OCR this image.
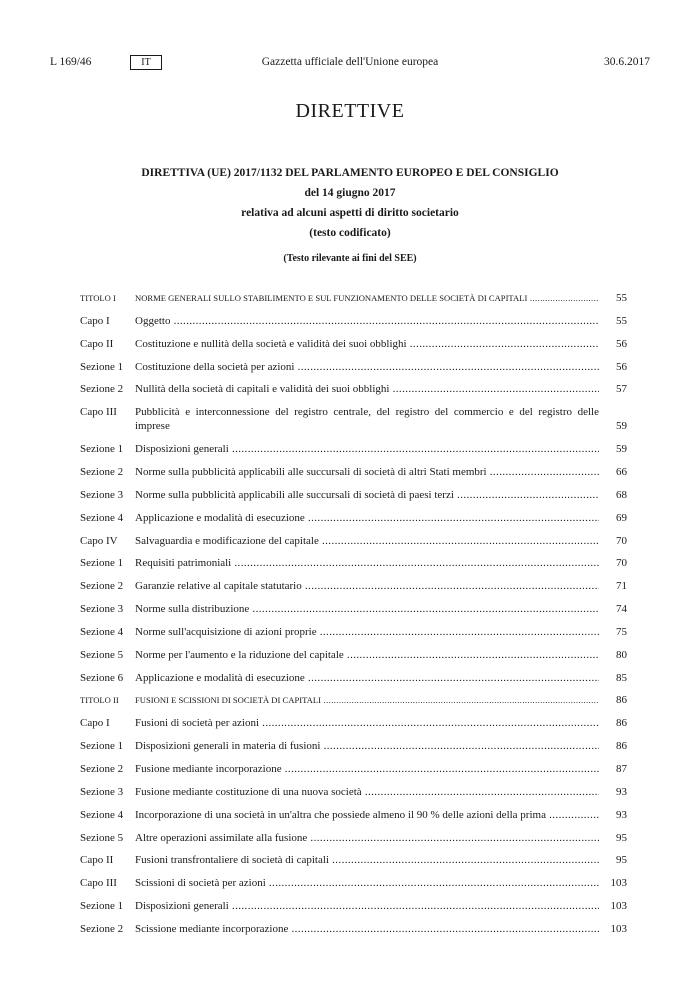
L 169/46	IT	Gazzetta ufficiale dell'Unione europea	30.6.2017
DIRETTIVE
DIRETTIVA (UE) 2017/1132 DEL PARLAMENTO EUROPEO E DEL CONSIGLIO
del 14 giugno 2017
relativa ad alcuni aspetti di diritto societario
(testo codificato)
(Testo rilevante ai fini del SEE)
TITOLO I	NORME GENERALI SULLO STABILIMENTO E SUL FUNZIONAMENTO DELLE SOCIETÀ DI CAPITALI .....	55
Capo I	Oggetto .....	55
Capo II	Costituzione e nullità della società e validità dei suoi obblighi .....	56
Sezione 1	Costituzione della società per azioni .....	56
Sezione 2	Nullità della società di capitali e validità dei suoi obblighi .....	57
Capo III	Pubblicità e interconnessione del registro centrale, del registro del commercio e del registro delle imprese .....	59
Sezione 1	Disposizioni generali .....	59
Sezione 2	Norme sulla pubblicità applicabili alle succursali di società di altri Stati membri .....	66
Sezione 3	Norme sulla pubblicità applicabili alle succursali di società di paesi terzi .....	68
Sezione 4	Applicazione e modalità di esecuzione .....	69
Capo IV	Salvaguardia e modificazione del capitale .....	70
Sezione 1	Requisiti patrimoniali .....	70
Sezione 2	Garanzie relative al capitale statutario .....	71
Sezione 3	Norme sulla distribuzione .....	74
Sezione 4	Norme sull'acquisizione di azioni proprie .....	75
Sezione 5	Norme per l'aumento e la riduzione del capitale .....	80
Sezione 6	Applicazione e modalità di esecuzione .....	85
TITOLO II	FUSIONI E SCISSIONI DI SOCIETÀ DI CAPITALI .....	86
Capo I	Fusioni di società per azioni .....	86
Sezione 1	Disposizioni generali in materia di fusioni .....	86
Sezione 2	Fusione mediante incorporazione .....	87
Sezione 3	Fusione mediante costituzione di una nuova società .....	93
Sezione 4	Incorporazione di una società in un'altra che possiede almeno il 90 % delle azioni della prima .....	93
Sezione 5	Altre operazioni assimilate alla fusione .....	95
Capo II	Fusioni transfrontaliere di società di capitali .....	95
Capo III	Scissioni di società per azioni .....	103
Sezione 1	Disposizioni generali .....	103
Sezione 2	Scissione mediante incorporazione .....	103
